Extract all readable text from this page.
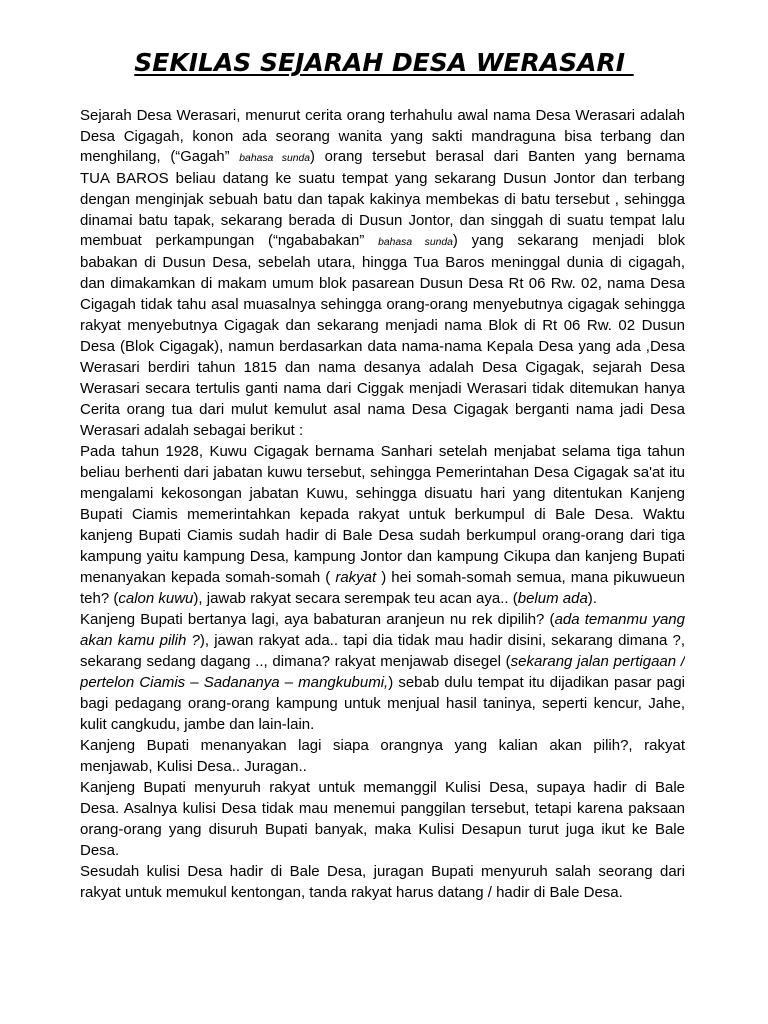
SEKILAS SEJARAH DESA WERASARI
Sejarah Desa Werasari, menurut cerita orang terhahulu awal nama Desa Werasari adalah
Desa Cigagah, konon ada seorang wanita yang sakti mandraguna bisa terbang dan
menghilang, (“Gagah” bahasa sunda) orang tersebut berasal dari Banten yang bernama
TUA BAROS beliau datang ke suatu tempat yang sekarang Dusun Jontor dan terbang
dengan menginjak sebuah batu dan tapak kakinya membekas di batu tersebut , sehingga
dinamai batu tapak, sekarang berada di Dusun Jontor, dan singgah di suatu tempat lalu
membuat perkampungan (“ngababakan” bahasa sunda) yang sekarang menjadi blok
babakan di Dusun Desa, sebelah utara, hingga Tua Baros meninggal dunia di cigagah,
dan dimakamkan di makam umum blok pasarean Dusun Desa Rt 06 Rw. 02, nama Desa
Cigagah tidak tahu asal muasalnya sehingga orang-orang menyebutnya cigagak sehingga
rakyat menyebutnya Cigagak dan sekarang menjadi nama Blok di Rt 06 Rw. 02 Dusun
Desa (Blok Cigagak), namun berdasarkan data nama-nama Kepala Desa yang ada ,Desa
Werasari berdiri tahun 1815 dan nama desanya adalah Desa Cigagak, sejarah Desa
Werasari secara tertulis ganti nama dari Ciggak menjadi Werasari tidak ditemukan hanya
Cerita orang tua dari mulut kemulut asal nama Desa Cigagak berganti nama jadi Desa
Werasari adalah sebagai berikut :
Pada tahun 1928, Kuwu Cigagak bernama Sanhari setelah menjabat selama tiga tahun
beliau berhenti dari jabatan kuwu tersebut, sehingga Pemerintahan Desa Cigagak sa'at itu
mengalami kekosongan jabatan Kuwu, sehingga disuatu hari yang ditentukan Kanjeng
Bupati Ciamis memerintahkan kepada rakyat untuk berkumpul di Bale Desa. Waktu
kanjeng Bupati Ciamis sudah hadir di Bale Desa sudah berkumpul orang-orang dari tiga
kampung yaitu kampung Desa, kampung Jontor dan kampung Cikupa dan kanjeng Bupati
menanyakan kepada somah-somah ( rakyat ) hei somah-somah semua, mana pikuwueun
teh? (calon kuwu), jawab rakyat secara serempak teu acan aya.. (belum ada).
Kanjeng Bupati bertanya lagi, aya babaturan aranjeun nu rek dipilih? (ada temanmu yang
akan kamu pilih ?), jawan rakyat ada.. tapi dia tidak mau hadir disini, sekarang dimana ?,
sekarang sedang dagang .., dimana? rakyat menjawab disegel (sekarang jalan pertigaan /
pertelon Ciamis – Sadananya – mangkubumi,) sebab dulu tempat itu dijadikan pasar pagi
bagi pedagang orang-orang kampung untuk menjual hasil taninya, seperti kencur, Jahe,
kulit cangkudu, jambe dan lain-lain.
Kanjeng Bupati menanyakan lagi siapa orangnya yang kalian akan pilih?, rakyat
menjawab, Kulisi Desa.. Juragan..
Kanjeng Bupati menyuruh rakyat untuk memanggil Kulisi Desa, supaya hadir di Bale
Desa. Asalnya kulisi Desa tidak mau menemui panggilan tersebut, tetapi karena paksaan
orang-orang yang disuruh Bupati banyak, maka Kulisi Desapun turut juga ikut ke Bale
Desa.
Sesudah kulisi Desa hadir di Bale Desa, juragan Bupati menyuruh salah seorang dari
rakyat untuk memukul kentongan, tanda rakyat harus datang / hadir di Bale Desa.
